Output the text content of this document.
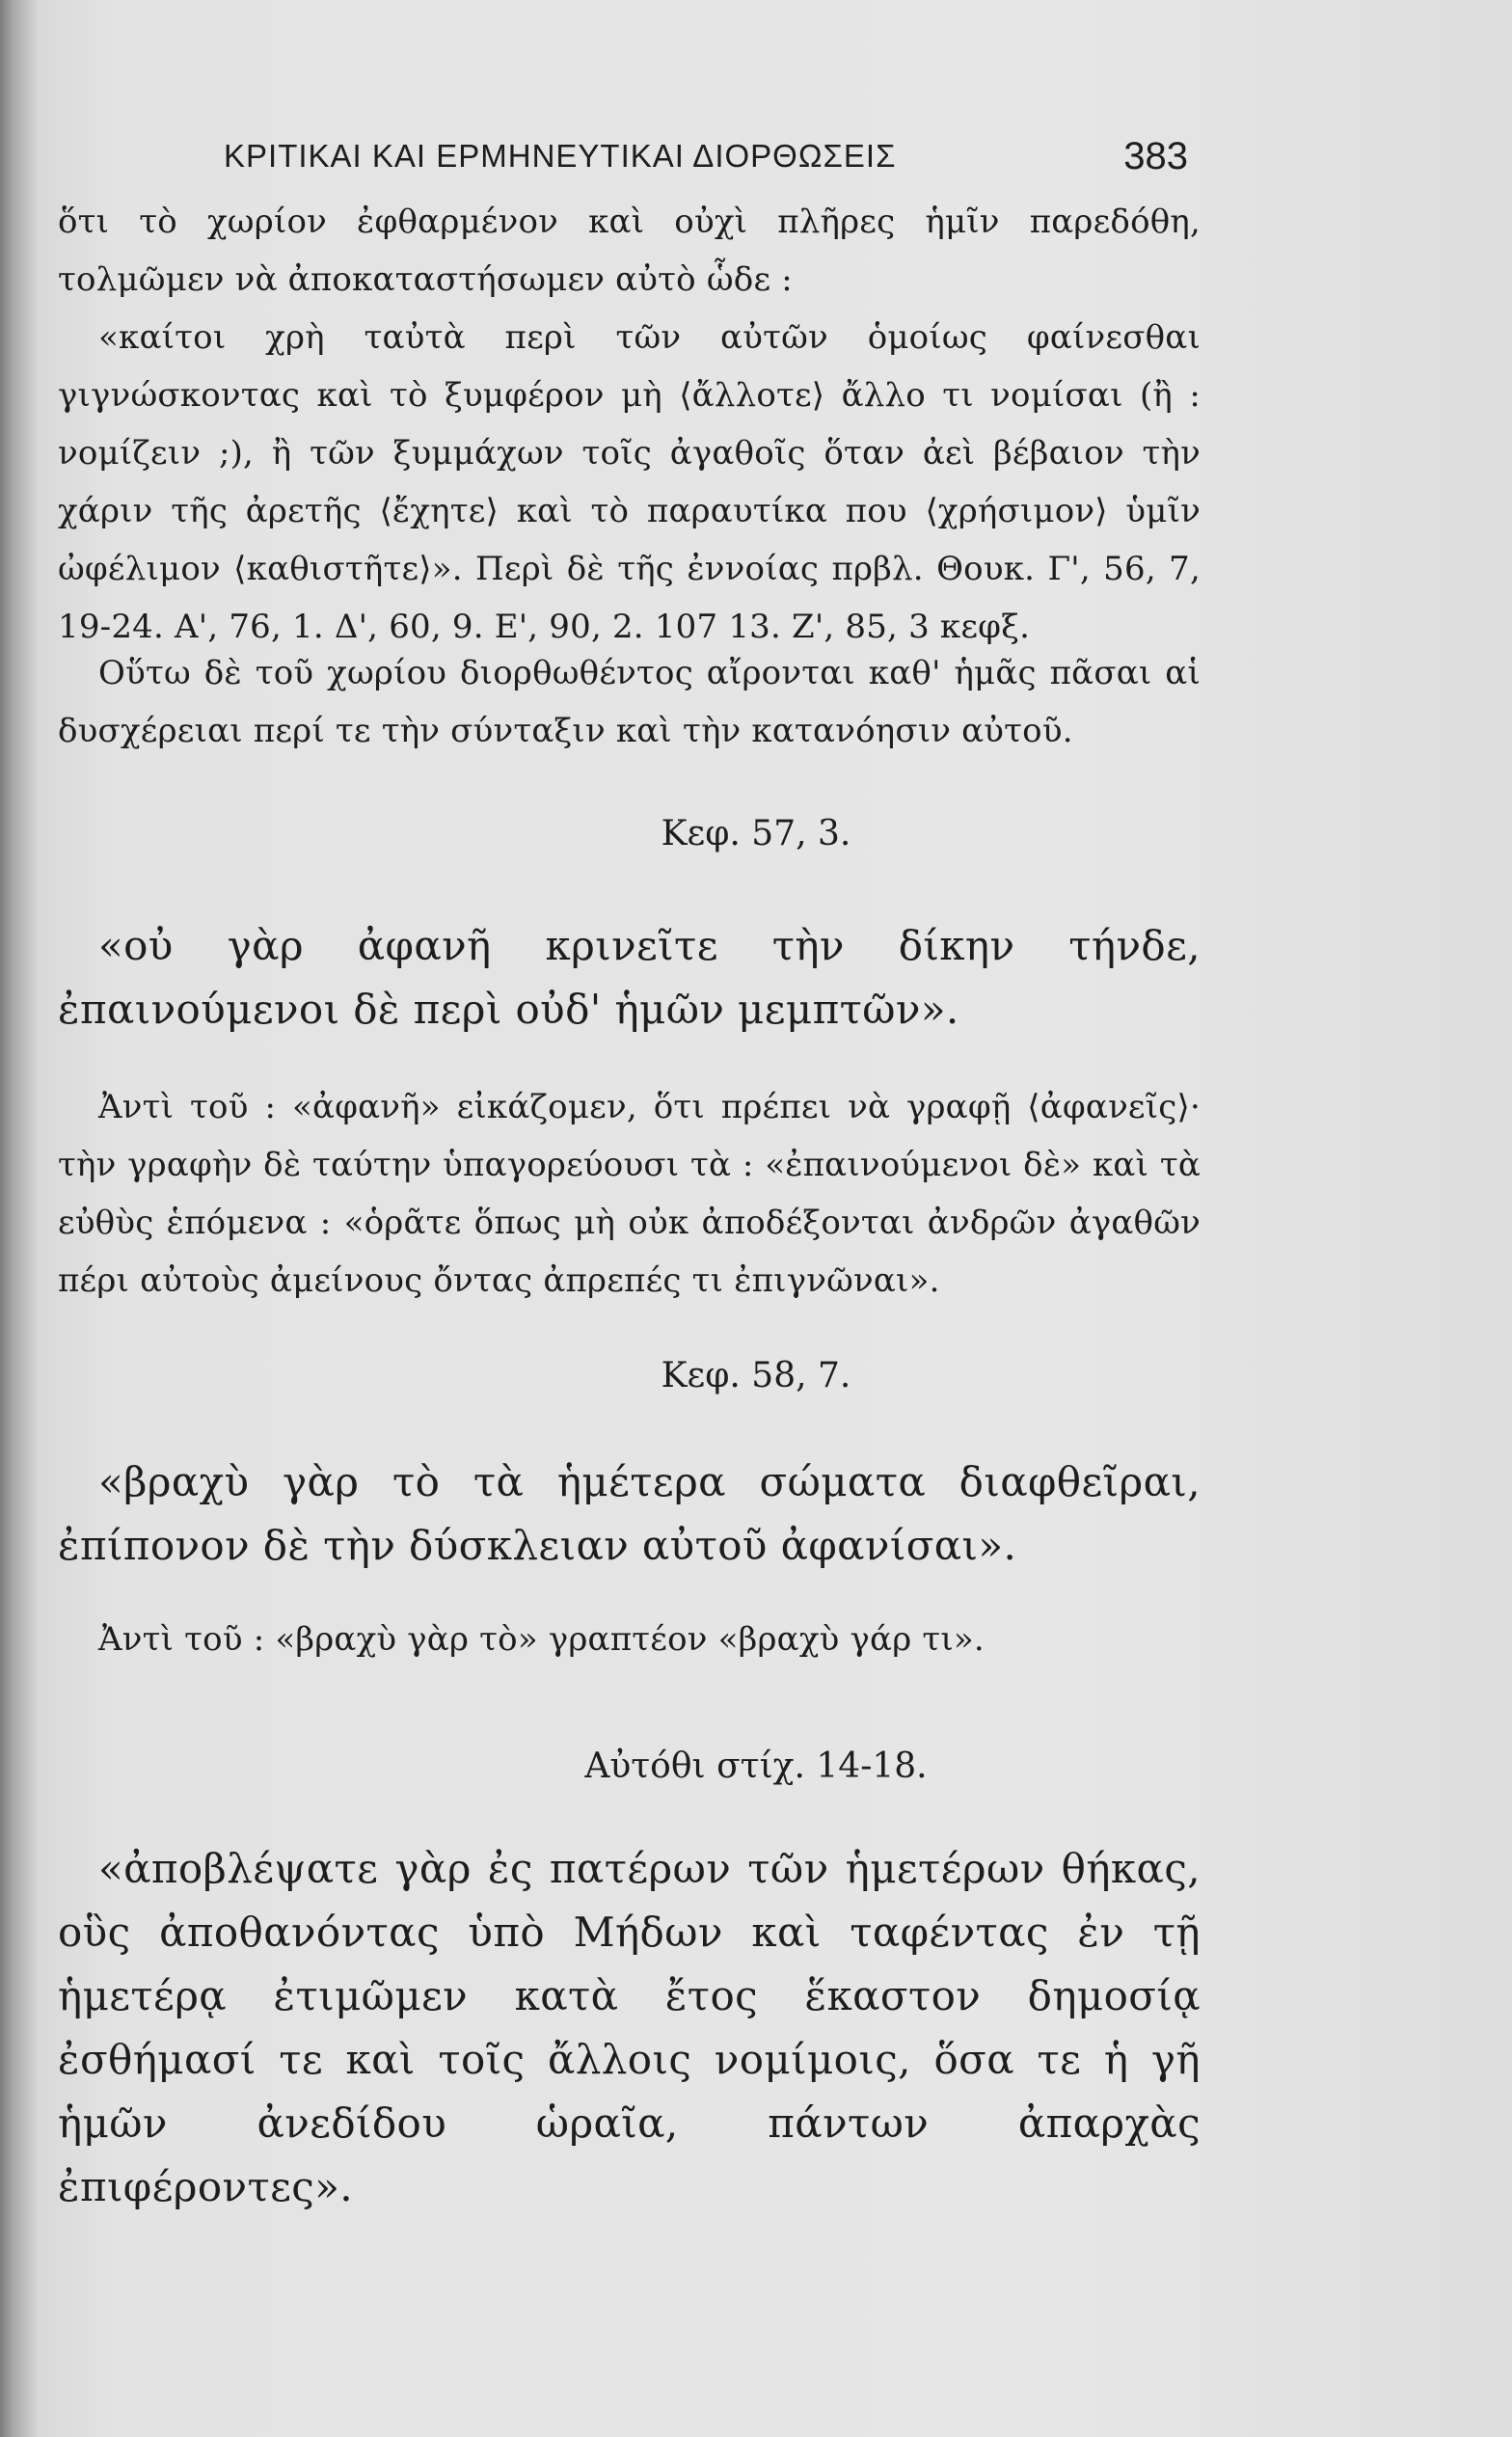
ΚΡΙΤΙΚΑΙ ΚΑΙ ΕΡΜΗΝΕΥΤΙΚΑΙ ΔΙΟΡΘΩΣΕΙΣ	383

ὅτι τὸ χωρίον ἐφθαρμένον καὶ οὐχὶ πλῆρες ἡμῖν παρεδόθη, τολμῶμεν νὰ ἀποκαταστήσωμεν αὐτὸ ὧδε :

«καίτοι χρὴ ταὐτὰ περὶ τῶν αὐτῶν ὁμοίως φαίνεσθαι γιγνώσκοντας καὶ τὸ ξυμφέρον μὴ ⟨ἄλλοτε⟩ ἄλλο τι νομίσαι (ἢ : νομίζειν ;), ἢ τῶν ξυμμάχων τοῖς ἀγαθοῖς ὅταν ἀεὶ βέβαιον τὴν χάριν τῆς ἀρετῆς ⟨ἔχητε⟩ καὶ τὸ παραυτίκα που ⟨χρήσιμον⟩ ὑμῖν ὠφέλιμον ⟨καθιστῆτε⟩». Περὶ δὲ τῆς ἐννοίας πρβλ. Θουκ. Γ', 56, 7, 19-24. Α', 76, 1. Δ', 60, 9. Ε', 90, 2. 107 13. Ζ', 85, 3 κεφξ.

Οὕτω δὲ τοῦ χωρίου διορθωθέντος αἴρονται καθ' ἡμᾶς πᾶσαι αἱ δυσχέρειαι περί τε τὴν σύνταξιν καὶ τὴν κατανόησιν αὐτοῦ.

Κεφ. 57, 3.

«οὐ γὰρ ἀφανῆ κρινεῖτε τὴν δίκην τήνδε, ἐπαινούμενοι δὲ περὶ οὐδ' ἡμῶν μεμπτῶν».

Ἀντὶ τοῦ : «ἀφανῆ» εἰκάζομεν, ὅτι πρέπει νὰ γραφῇ ⟨ἀφανεῖς⟩· τὴν γραφὴν δὲ ταύτην ὑπαγορεύουσι τὰ : «ἐπαινούμενοι δὲ» καὶ τὰ εὐθὺς ἑπόμενα : «ὁρᾶτε ὅπως μὴ οὐκ ἀποδέξονται ἀνδρῶν ἀγαθῶν πέρι αὐτοὺς ἀμείνους ὄντας ἀπρεπές τι ἐπιγνῶναι».

Κεφ. 58, 7.

«βραχὺ γὰρ τὸ τὰ ἡμέτερα σώματα διαφθεῖραι, ἐπίπονον δὲ τὴν δύσκλειαν αὐτοῦ ἀφανίσαι».

Ἀντὶ τοῦ : «βραχὺ γὰρ τὸ» γραπτέον «βραχὺ γάρ τι».

Αὐτόθι στίχ. 14-18.

«ἀποβλέψατε γὰρ ἐς πατέρων τῶν ἡμετέρων θήκας, οὓς ἀποθανόντας ὑπὸ Μήδων καὶ ταφέντας ἐν τῇ ἡμετέρᾳ ἐτιμῶμεν κατὰ ἔτος ἕκαστον δημοσίᾳ ἐσθήμασί τε καὶ τοῖς ἄλλοις νομίμοις, ὅσα τε ἡ γῆ ἡμῶν ἀνεδίδου ὡραῖα, πάντων ἀπαρχὰς ἐπιφέροντες».
